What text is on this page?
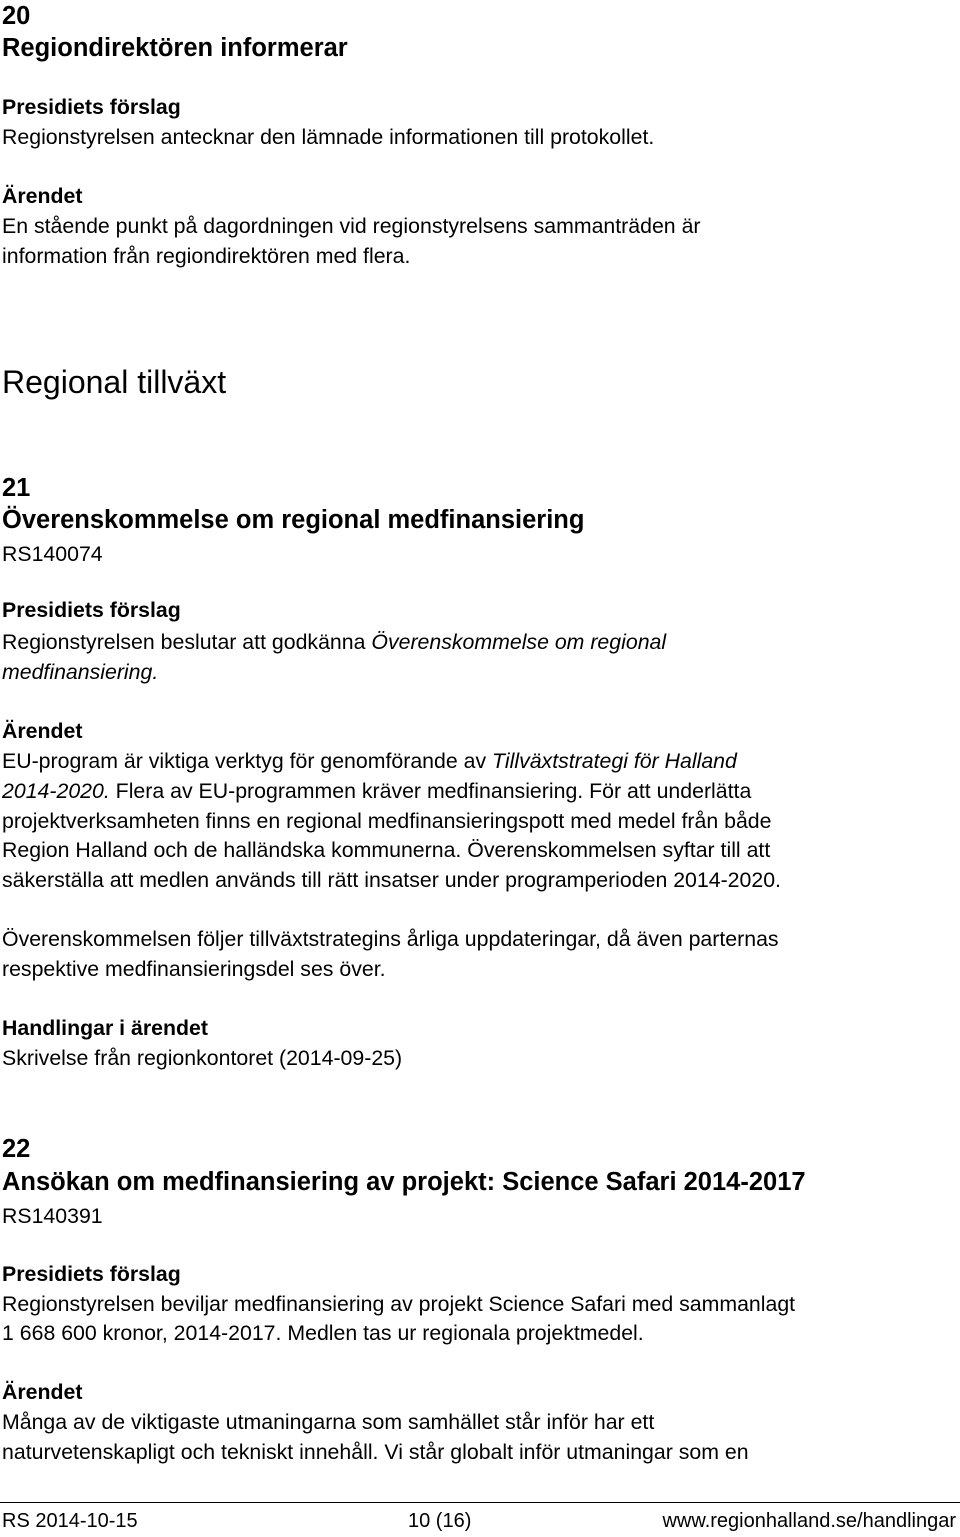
20
Regiondirektören informerar
Presidiets förslag
Regionstyrelsen antecknar den lämnade informationen till protokollet.
Ärendet
En stående punkt på dagordningen vid regionstyrelsens sammanträden är
information från regiondirektören med flera.
Regional tillväxt
21
Överenskommelse om regional medfinansiering
RS140074
Presidiets förslag
Regionstyrelsen beslutar att godkänna Överenskommelse om regional
medfinansiering.
Ärendet
EU-program är viktiga verktyg för genomförande av Tillväxtstrategi för Halland
2014-2020. Flera av EU-programmen kräver medfinansiering. För att underlätta
projektverksamheten finns en regional medfinansieringspott med medel från både
Region Halland och de halländska kommunerna. Överenskommelsen syftar till att
säkerställa att medlen används till rätt insatser under programperioden 2014-2020.
Överenskommelsen följer tillväxtstrategins årliga uppdateringar, då även parternas
respektive medfinansieringsdel ses över.
Handlingar i ärendet
Skrivelse från regionkontoret (2014-09-25)
22
Ansökan om medfinansiering av projekt: Science Safari 2014-2017
RS140391
Presidiets förslag
Regionstyrelsen beviljar medfinansiering av projekt Science Safari med sammanlagt
1 668 600 kronor, 2014-2017. Medlen tas ur regionala projektmedel.
Ärendet
Många av de viktigaste utmaningarna som samhället står inför har ett
naturvetenskapligt och tekniskt innehåll. Vi står globalt inför utmaningar som en
RS 2014-10-15	10 (16)	www.regionhalland.se/handlingar
